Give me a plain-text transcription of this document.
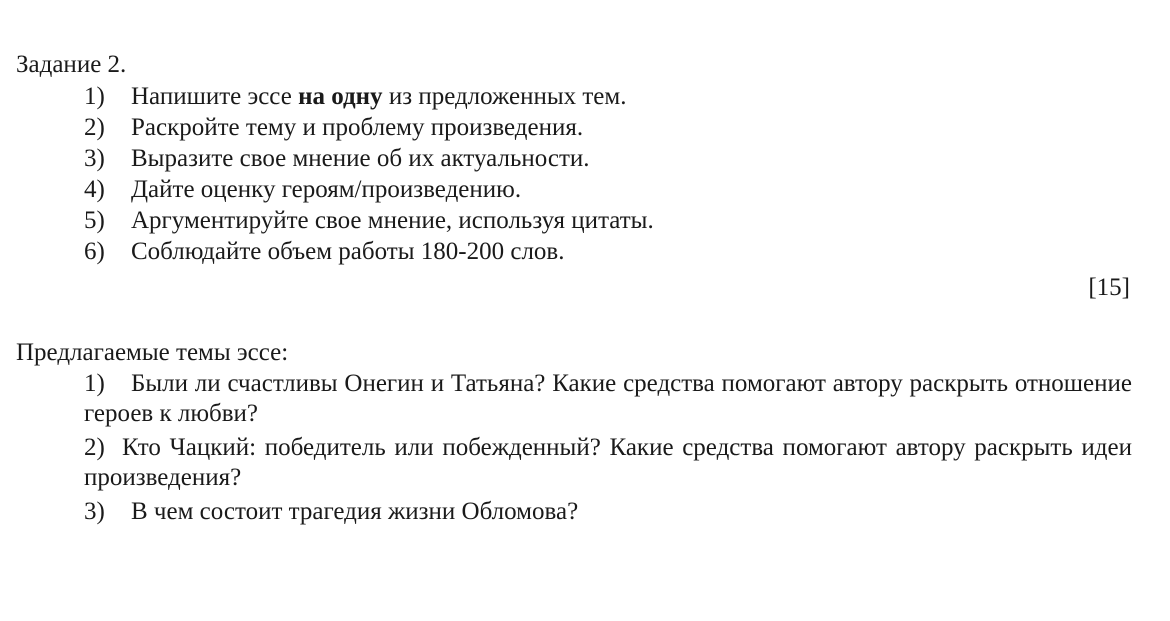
Задание 2.
1) Напишите эссе на одну из предложенных тем.
2) Раскройте тему и проблему произведения.
3) Выразите свое мнение об их актуальности.
4) Дайте оценку героям/произведению.
5) Аргументируйте свое мнение, используя цитаты.
6) Соблюдайте объем работы 180-200 слов.
[15]
Предлагаемые темы эссе:
1) Были ли счастливы Онегин и Татьяна? Какие средства помогают автору раскрыть отношение героев к любви?
2) Кто Чацкий: победитель или побежденный? Какие средства помогают автору раскрыть идеи произведения?
3) В чем состоит трагедия жизни Обломова?
